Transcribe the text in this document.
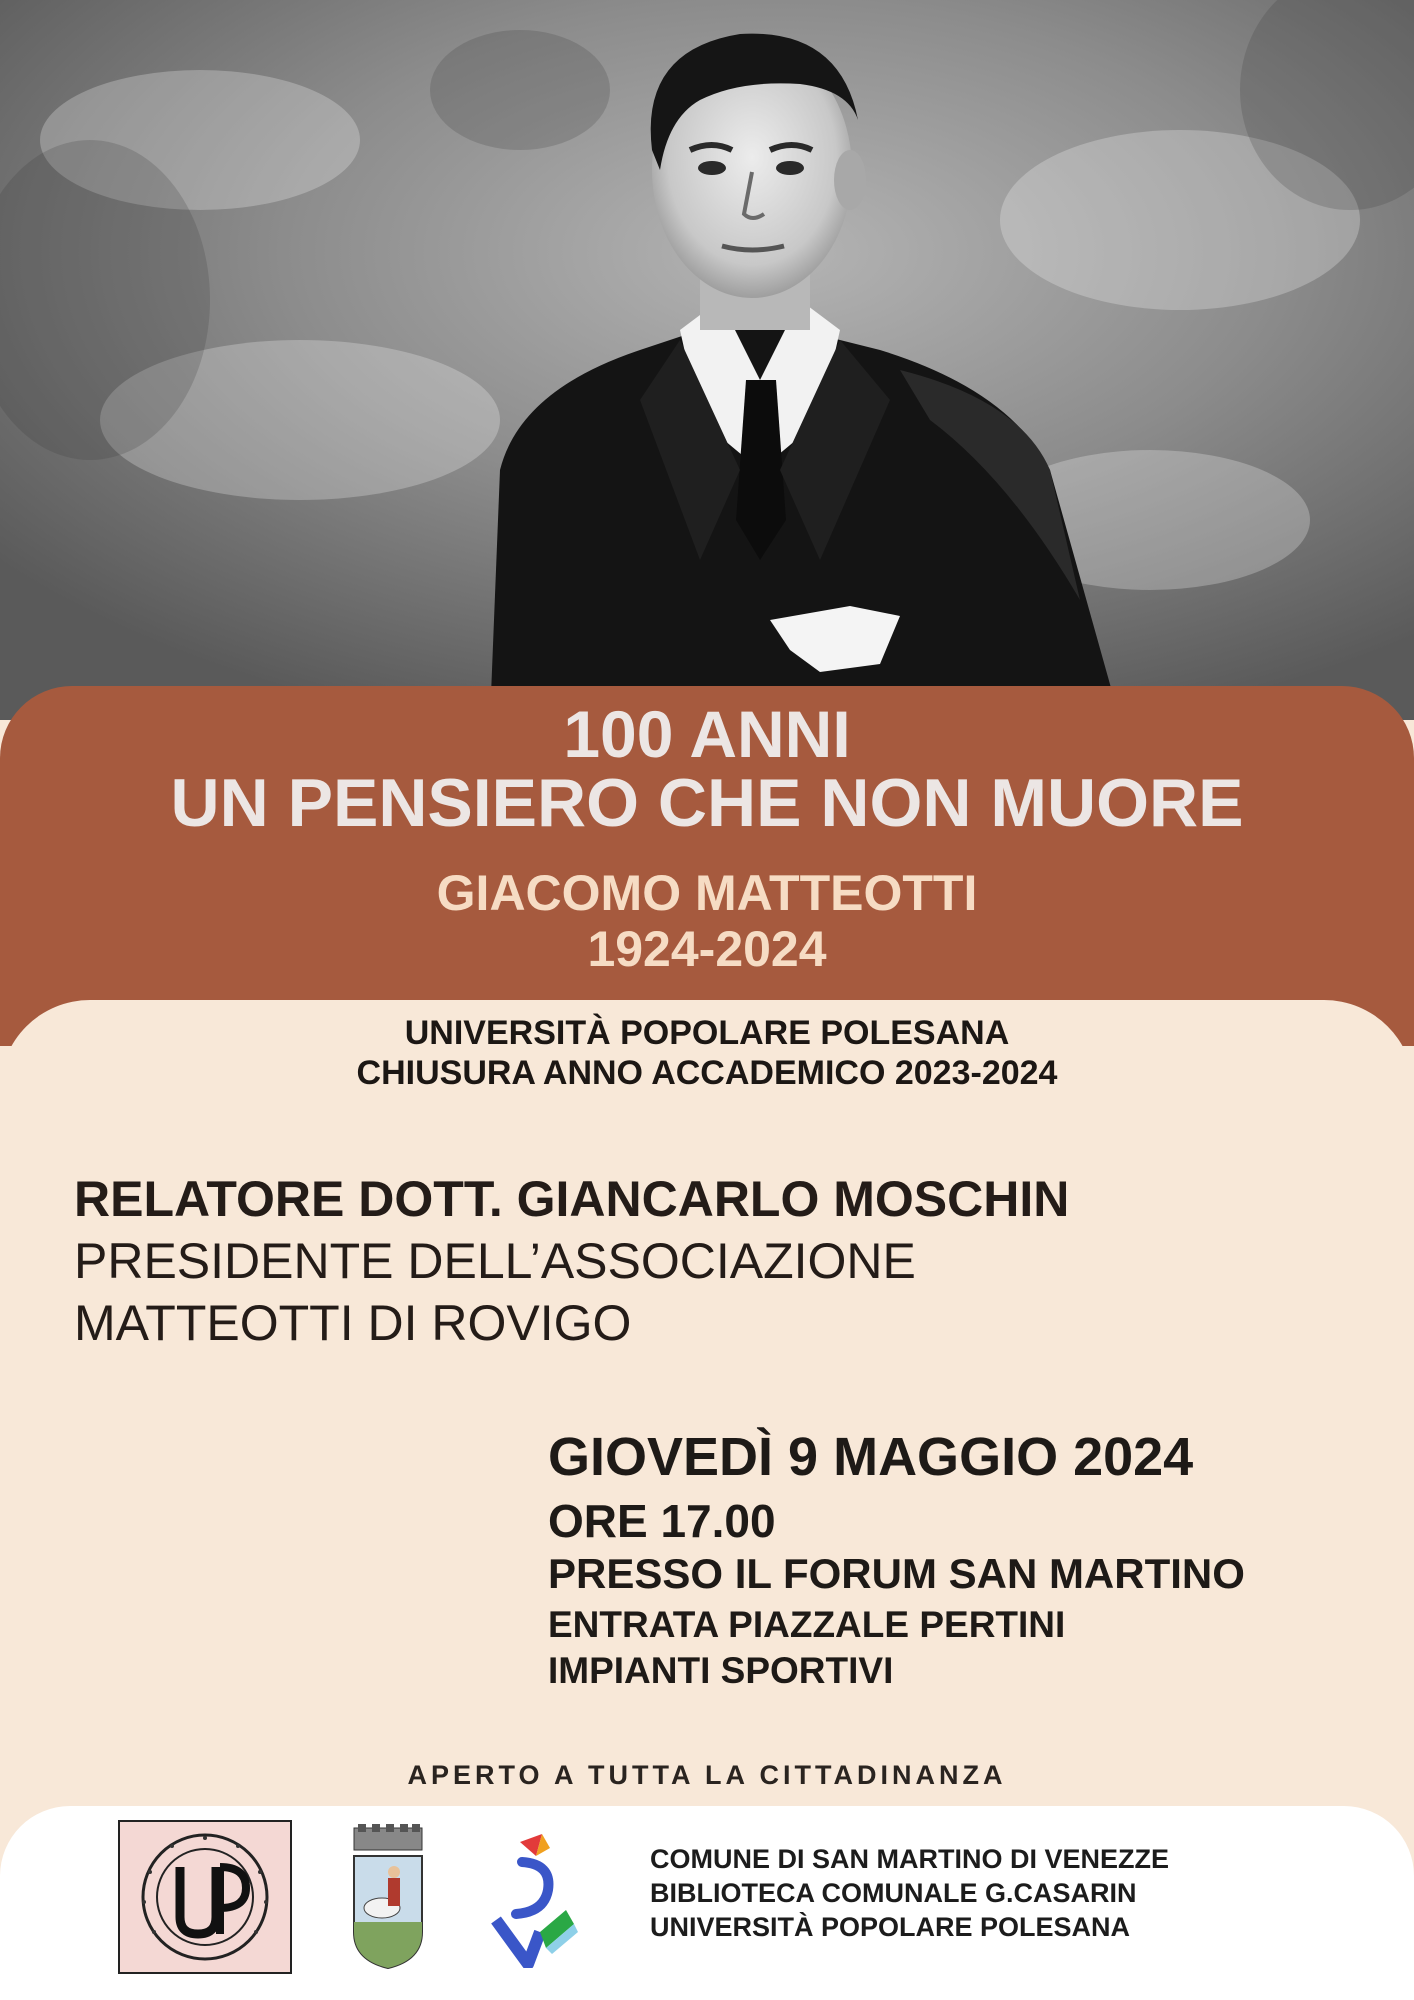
100 ANNI
UN PENSIERO CHE NON MUORE
GIACOMO MATTEOTTI
1924-2024
UNIVERSITÀ POPOLARE POLESANA
CHIUSURA ANNO ACCADEMICO 2023-2024
RELATORE DOTT. GIANCARLO MOSCHIN
PRESIDENTE DELL’ASSOCIAZIONE
MATTEOTTI DI ROVIGO
GIOVEDÌ 9 MAGGIO 2024
ORE 17.00
PRESSO IL FORUM SAN MARTINO
ENTRATA PIAZZALE PERTINI
IMPIANTI SPORTIVI
APERTO A TUTTA LA CITTADINANZA
COMUNE DI SAN MARTINO DI VENEZZE
BIBLIOTECA COMUNALE G.CASARIN
UNIVERSITÀ POPOLARE POLESANA
